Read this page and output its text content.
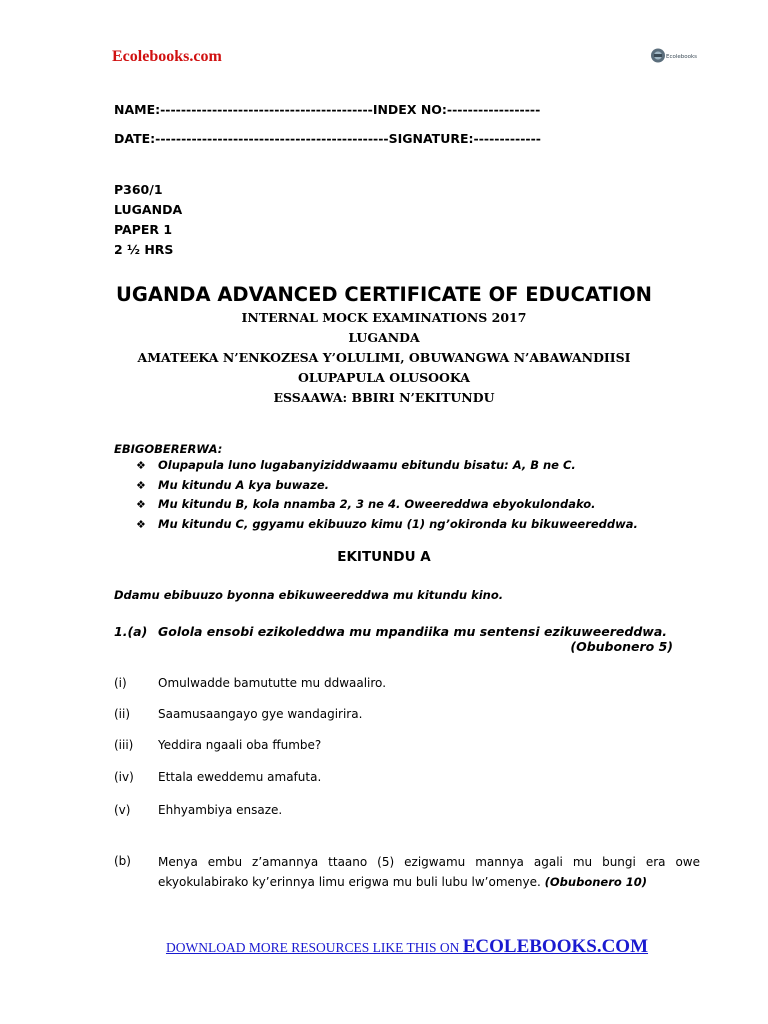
Ecolebooks.com	Ecolebooks
NAME:-----------------------------------------INDEX NO:------------------
DATE:---------------------------------------------SIGNATURE:-------------
P360/1
LUGANDA
PAPER 1
2 ½ HRS
UGANDA ADVANCED CERTIFICATE OF EDUCATION
INTERNAL MOCK EXAMINATIONS 2017
LUGANDA
AMATEEKA N’ENKOZESA Y’OLULIMI, OBUWANGWA N’ABAWANDIISI
OLUPAPULA OLUSOOKA
ESSAAWA: BBIRI N’EKITUNDU
EBIGOBERERWA:
❖ Olupapula luno lugabanyiziddwaamu ebitundu bisatu: A, B ne C.
❖ Mu kitundu A kya buwaze.
❖ Mu kitundu B, kola nnamba 2, 3 ne 4. Oweereddwa ebyokulondako.
❖ Mu kitundu C, ggyamu ekibuuzo kimu (1) ng’okironda ku bikuweereddwa.
EKITUNDU A
Ddamu ebibuuzo byonna ebikuweereddwa mu kitundu kino.
1.(a) Golola ensobi ezikoleddwa mu mpandiika mu sentensi ezikuweereddwa.
(Obubonero 5)
(i)	Omulwadde bamututte mu ddwaaliro.
(ii) Saamusaangayo gye wandagirira.
(iii) Yeddira ngaali oba ffumbe?
(iv) Ettala eweddemu amafuta.
(v) Ehhyambiya ensaze.
(b) Menya embu z’amannya ttaano (5) ezigwamu mannya agali mu bungi era owe ekyokulabirako ky’erinnya limu erigwa mu buli lubu lw’omenye. (Obubonero 10)
DOWNLOAD MORE RESOURCES LIKE THIS ON ECOLEBOOKS.COM
